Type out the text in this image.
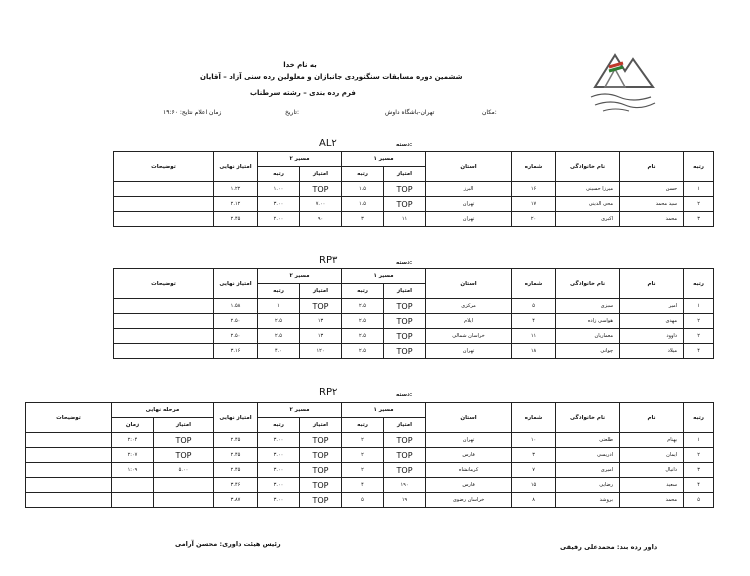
به نام خدا
ششمین دوره مسابقات سنگنوردی جانبازان و معلولین رده سنی آزاد – آقایان
فرم رده بندی – رشته سرطناب
مکان:
تهران-باشگاه داوش
تاریخ:
زمان اعلام نتایج: ۱۹:۶۰
دسته:
AL۲
رتبه	نام	نام خانوادگی	شماره	استان	مسیر ۱		مسیر ۲		امتیاز نهایی	توضیحات
					امتیاز	رتبه	امتیاز	رتبه		
۱	حسن	میرزا حسینی	۱۶	البرز	TOP	۱.۵	TOP	۱.۰۰	۱.۲۲	
۲	سید محمد	محی الدینی	۱۷	تهران	TOP	۱.۵	۷.۰۰	۳.۰۰	۲.۱۲	
۳	محمد	اکبری	۲۰	تهران	۱۱	۳	۹۰	۲.۰۰	۲.۴۵	
دسته:
RP۳
رتبه	نام	نام خانوادگی	شماره	استان	مسیر ۱		مسیر ۲		امتیاز نهایی	توضیحات
					امتیاز	رتبه	امتیاز	رتبه		
۱	امیر	سبزی	۵	مرکزی	TOP	۲.۵	TOP	۱	۱.۵۸	
۲	مهدی	هواسی زاده	۴	ایلام	TOP	۲.۵	۱۳	۲.۵	۲.۵۰	
۲	داوود	معماریان	۱۱	خراسان شمالی	TOP	۲.۵	۱۳	۲.۵	۲.۵۰	
۴	میلاد	چوانی	۱۸	تهران	TOP	۲.۵	۱۲۰	۴.۰	۳.۱۶	
دسته:
RP۲
رتبه	نام	نام خانوادگی	شماره	استان	مسیر ۱		مسیر ۲		امتیاز نهایی	مرحله نهایی		توضیحات
					امتیاز	رتبه	امتیاز	رتبه		امتیاز	زمان	
۱	بهنام	طلعتی	۱۰	تهران	TOP	۲	TOP	۳.۰۰	۲.۴۵	TOP	۲:۰۴	
۲	ایمان	ادریسی	۳	فارس	TOP	۲	TOP	۳.۰۰	۲.۴۵	TOP	۲:۰۷	
۳	دانیال	امیری	۷	کرمانشاه	TOP	۲	TOP	۳.۰۰	۲.۴۵	۵.۰۰	۱:۰۹	
۴	سعید	رضایی	۱۵	فارس	۱۹۰	۴	TOP	۳.۰۰	۳.۴۶			
۵	محمد	بروشد	۸	خراسان رضوی	۱۹	۵	TOP	۳.۰۰	۳.۸۷			
داور رده بند: محمدعلی رفیقی
رئیس هیئت داوری: محسن آرامی
